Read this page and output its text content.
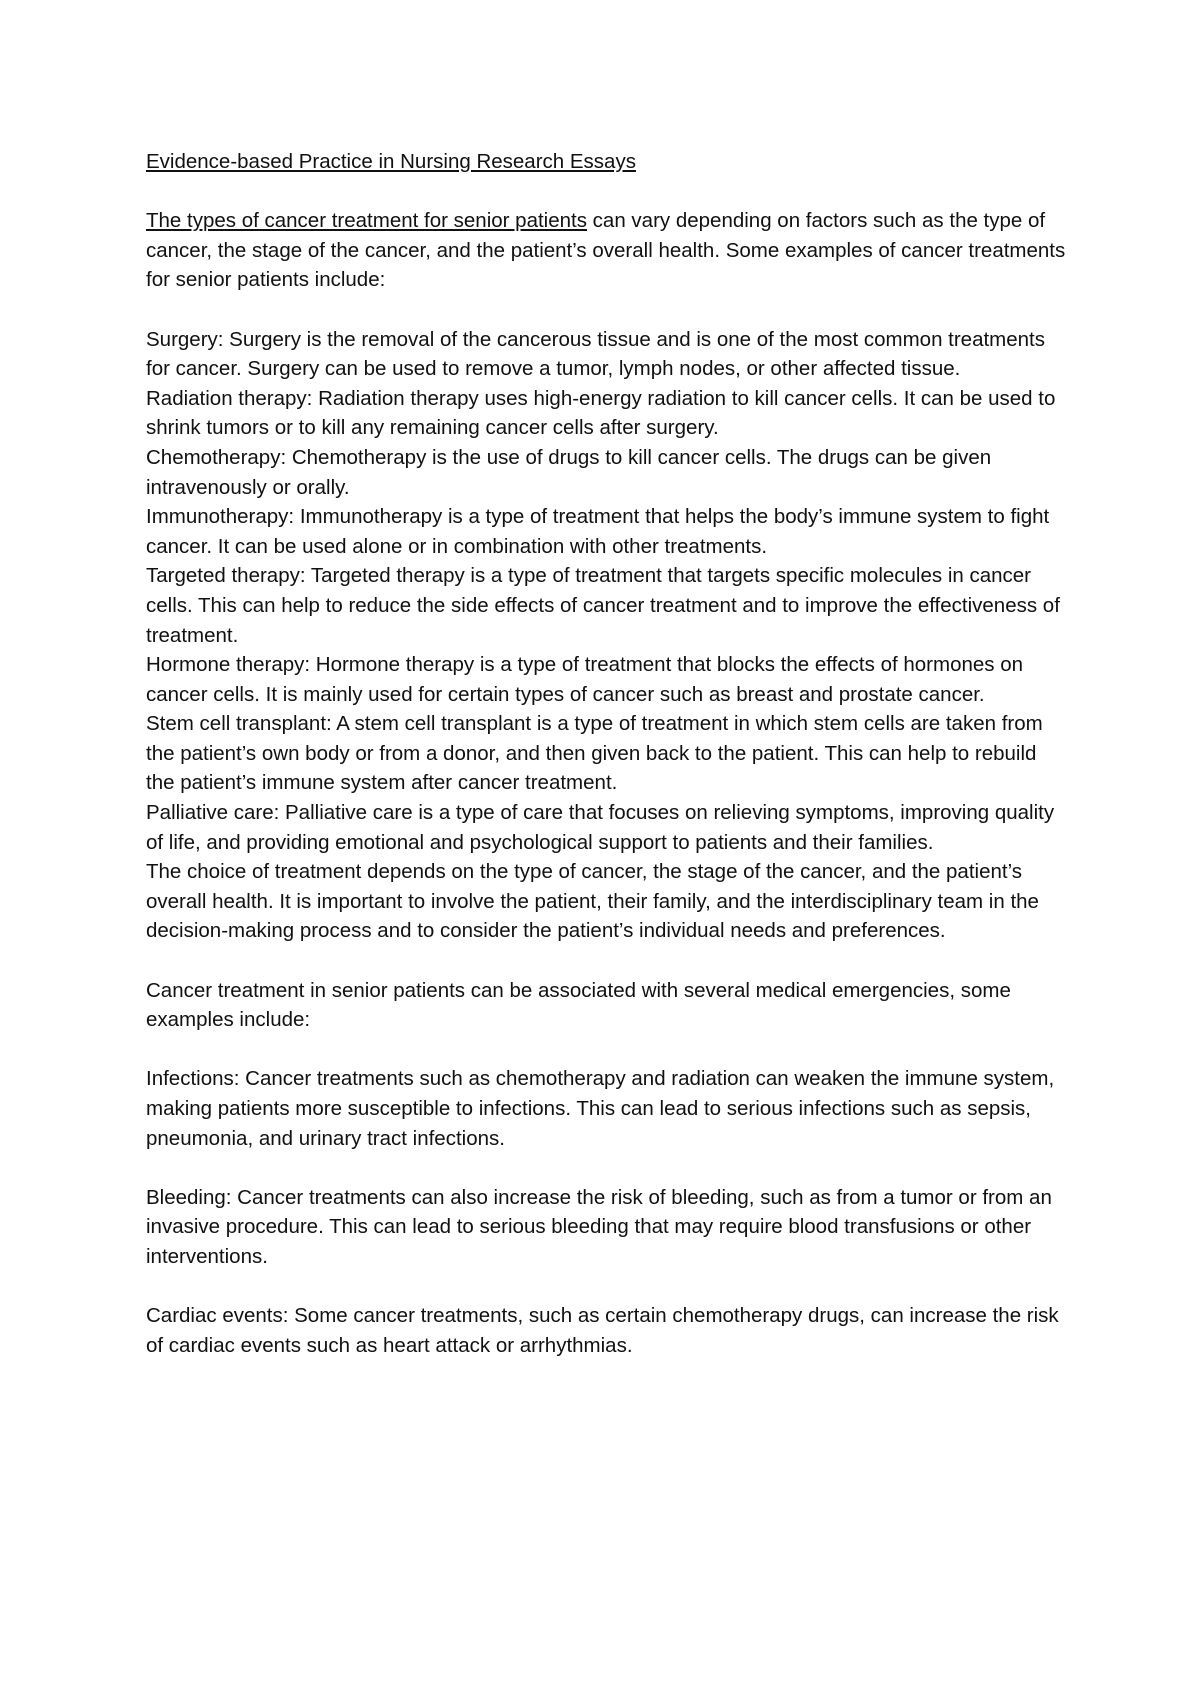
Evidence-based Practice in Nursing Research Essays

The types of cancer treatment for senior patients can vary depending on factors such as the type of cancer, the stage of the cancer, and the patient’s overall health. Some examples of cancer treatments for senior patients include:

Surgery: Surgery is the removal of the cancerous tissue and is one of the most common treatments for cancer. Surgery can be used to remove a tumor, lymph nodes, or other affected tissue.

Radiation therapy: Radiation therapy uses high-energy radiation to kill cancer cells. It can be used to shrink tumors or to kill any remaining cancer cells after surgery.

Chemotherapy: Chemotherapy is the use of drugs to kill cancer cells. The drugs can be given intravenously or orally.

Immunotherapy: Immunotherapy is a type of treatment that helps the body’s immune system to fight cancer. It can be used alone or in combination with other treatments.

Targeted therapy: Targeted therapy is a type of treatment that targets specific molecules in cancer cells. This can help to reduce the side effects of cancer treatment and to improve the effectiveness of treatment.

Hormone therapy: Hormone therapy is a type of treatment that blocks the effects of hormones on cancer cells. It is mainly used for certain types of cancer such as breast and prostate cancer.

Stem cell transplant: A stem cell transplant is a type of treatment in which stem cells are taken from the patient’s own body or from a donor, and then given back to the patient. This can help to rebuild the patient’s immune system after cancer treatment.

Palliative care: Palliative care is a type of care that focuses on relieving symptoms, improving quality of life, and providing emotional and psychological support to patients and their families.

The choice of treatment depends on the type of cancer, the stage of the cancer, and the patient’s overall health. It is important to involve the patient, their family, and the interdisciplinary team in the decision-making process and to consider the patient’s individual needs and preferences.

Cancer treatment in senior patients can be associated with several medical emergencies, some examples include:

Infections: Cancer treatments such as chemotherapy and radiation can weaken the immune system, making patients more susceptible to infections. This can lead to serious infections such as sepsis, pneumonia, and urinary tract infections.

Bleeding: Cancer treatments can also increase the risk of bleeding, such as from a tumor or from an invasive procedure. This can lead to serious bleeding that may require blood transfusions or other interventions.

Cardiac events: Some cancer treatments, such as certain chemotherapy drugs, can increase the risk of cardiac events such as heart attack or arrhythmias.
